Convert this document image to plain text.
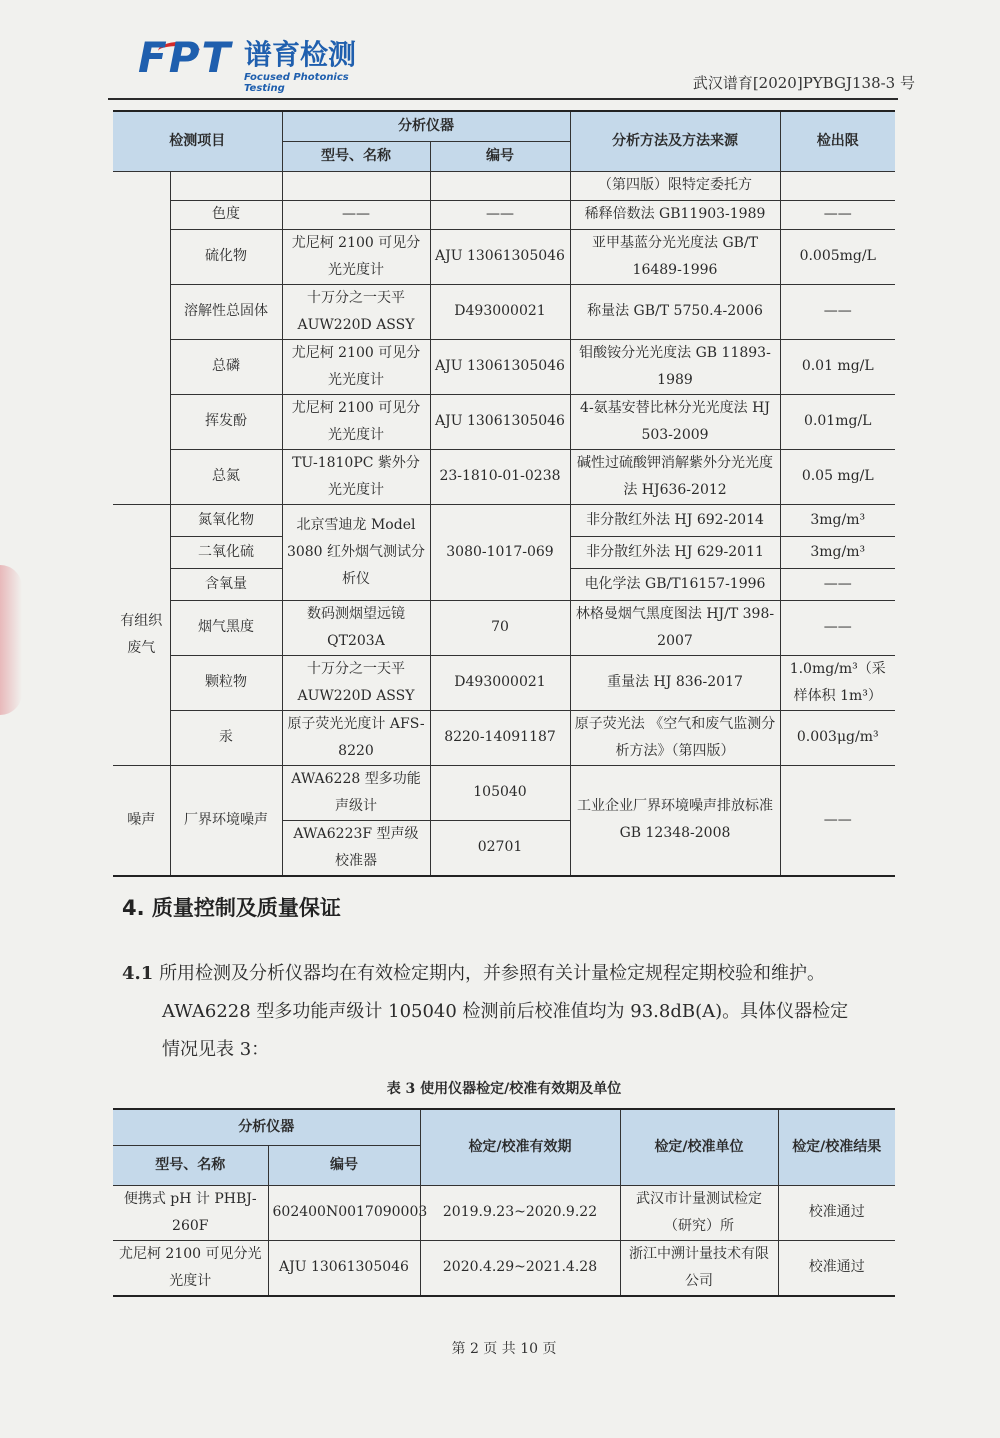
FPT 谱育检测
Focused Photonics Testing	武汉谱育[2020]PYBGJ138-3 号
检测项目		分析仪器		分析方法及方法来源	检出限
		型号、名称	编号		
				（第四版）限特定委托方	
	色度	——	——	稀释倍数法 GB11903-1989	——
	硫化物	尤尼柯 2100 可见分光光度计	AJU 13061305046	亚甲基蓝分光光度法 GB/T 16489-1996	0.005mg/L
	溶解性总固体	十万分之一天平 AUW220D ASSY	D493000021	称量法 GB/T 5750.4-2006	——
	总磷	尤尼柯 2100 可见分光光度计	AJU 13061305046	钼酸铵分光光度法 GB 11893-1989	0.01 mg/L
	挥发酚	尤尼柯 2100 可见分光光度计	AJU 13061305046	4-氨基安替比林分光光度法 HJ 503-2009	0.01mg/L
	总氮	TU-1810PC 紫外分光光度计	23-1810-01-0238	碱性过硫酸钾消解紫外分光光度法 HJ636-2012	0.05 mg/L
有组织废气	氮氧化物	北京雪迪龙 Model 3080 红外烟气测试分析仪	3080-1017-069	非分散红外法 HJ 692-2014	3mg/m³
	二氧化硫			非分散红外法 HJ 629-2011	3mg/m³
	含氧量			电化学法 GB/T16157-1996	——
	烟气黑度	数码测烟望远镜 QT203A	70	林格曼烟气黑度图法 HJ/T 398-2007	——
	颗粒物	十万分之一天平 AUW220D ASSY	D493000021	重量法 HJ 836-2017	1.0mg/m³（采样体积 1m³）
	汞	原子荧光光度计 AFS-8220	8220-14091187	原子荧光法 《空气和废气监测分析方法》（第四版）	0.003μg/m³
噪声	厂界环境噪声	AWA6228 型多功能声级计	105040	工业企业厂界环境噪声排放标准 GB 12348-2008	——
		AWA6223F 型声级校准器	02701		
4. 质量控制及质量保证
4.1 所用检测及分析仪器均在有效检定期内，并参照有关计量检定规程定期校验和维护。
AWA6228 型多功能声级计 105040 检测前后校准值均为 93.8dB(A)。具体仪器检定
情况见表 3：
表 3 使用仪器检定/校准有效期及单位
分析仪器		检定/校准有效期	检定/校准单位	检定/校准结果
型号、名称	编号			
便携式 pH 计 PHBJ-260F	602400N0017090003	2019.9.23~2020.9.22	武汉市计量测试检定（研究）所	校准通过
尤尼柯 2100 可见分光光度计	AJU 13061305046	2020.4.29~2021.4.28	浙江中溯计量技术有限公司	校准通过
第 2 页 共 10 页
